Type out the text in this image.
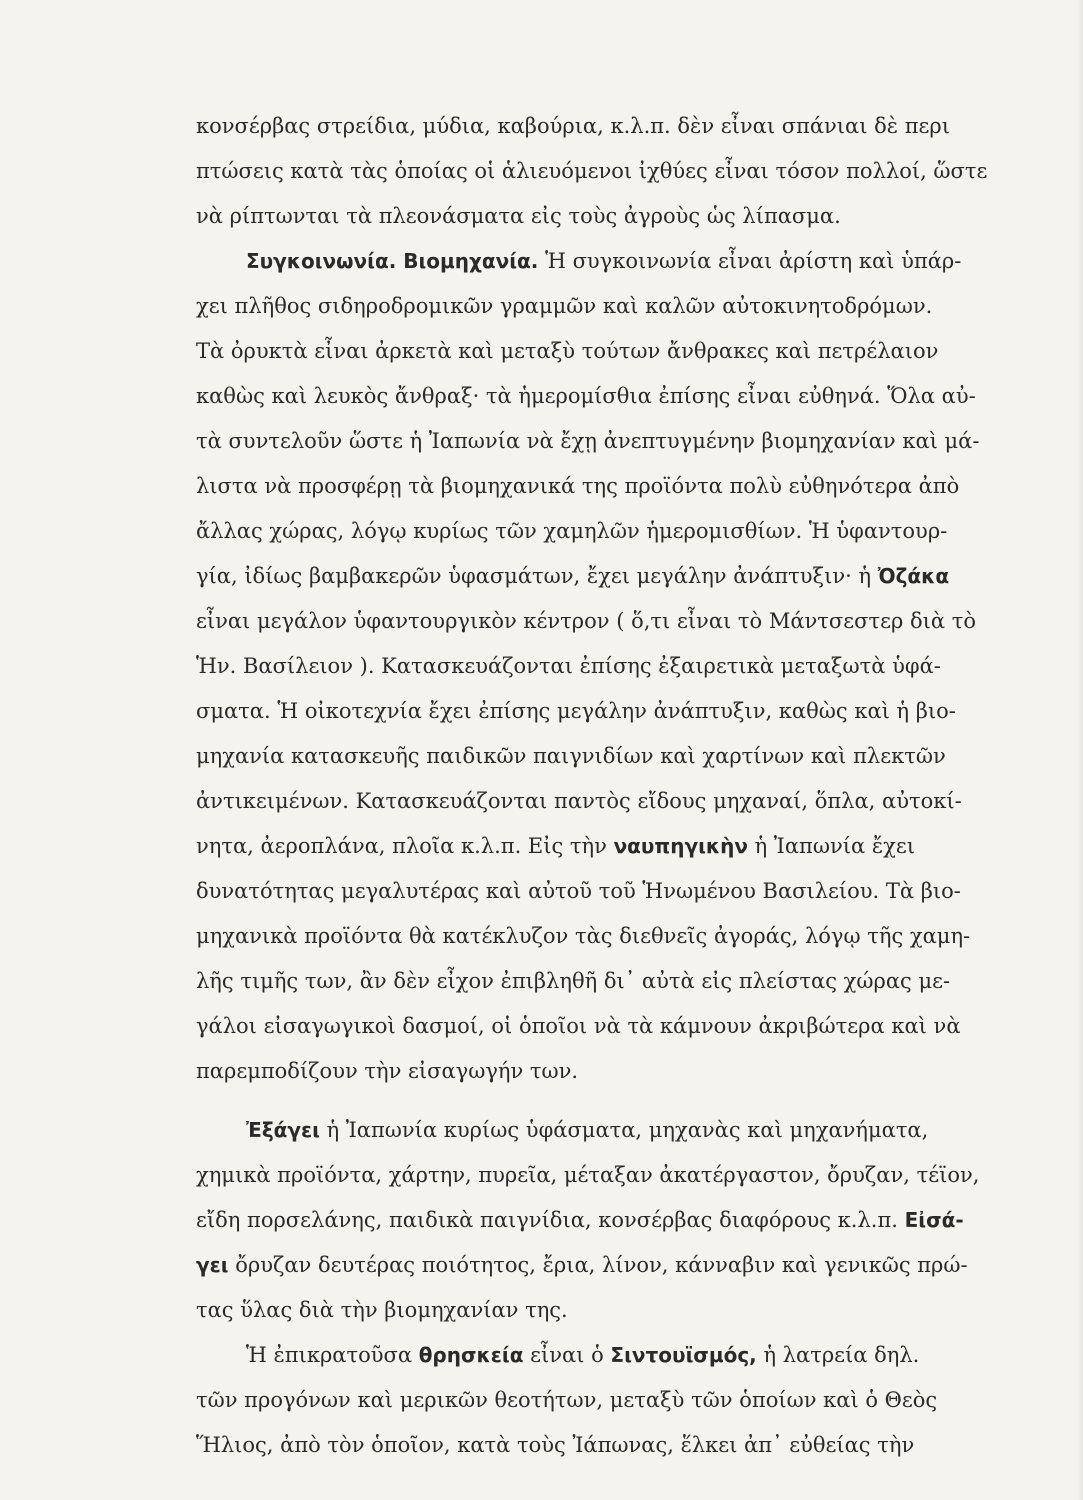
κονσέρβας στρείδια, μύδια, καβούρια, κ.λ.π. δὲν εἶναι σπάνιαι δὲ περι
πτώσεις κατὰ τὰς ὁποίας οἱ ἁλιευόμενοι ἰχθύες εἶναι τόσον πολλοί, ὥστε
νὰ ρίπτωνται τὰ πλεονάσματα εἰς τοὺς ἀγροὺς ὡς λίπασμα.
Συγκοινωνία. Βιομηχανία. Ἡ συγκοινωνία εἶναι ἀρίστη καὶ ὑπάρ-
χει πλῆθος σιδηροδρομικῶν γραμμῶν καὶ καλῶν αὐτοκινητοδρόμων.
Τὰ ὀρυκτὰ εἶναι ἀρκετὰ καὶ μεταξὺ τούτων ἄνθρακες καὶ πετρέλαιον
καθὼς καὶ λευκὸς ἄνθραξ· τὰ ἡμερομίσθια ἐπίσης εἶναι εὐθηνά. Ὅλα αὐ-
τὰ συντελοῦν ὥστε ἡ Ἰαπωνία νὰ ἔχῃ ἀνεπτυγμένην βιομηχανίαν καὶ μά-
λιστα νὰ προσφέρῃ τὰ βιομηχανικά της προϊόντα πολὺ εὐθηνότερα ἀπὸ
ἄλλας χώρας, λόγῳ κυρίως τῶν χαμηλῶν ἡμερομισθίων. Ἡ ὑφαντουρ-
γία, ἰδίως βαμβακερῶν ὑφασμάτων, ἔχει μεγάλην ἀνάπτυξιν· ἡ Ὀζάκα
εἶναι μεγάλον ὑφαντουργικὸν κέντρον ( ὅ,τι εἶναι τὸ Μάντσεστερ διὰ τὸ
Ἡν. Βασίλειον ). Κατασκευάζονται ἐπίσης ἐξαιρετικὰ μεταξωτὰ ὑφά-
σματα. Ἡ οἰκοτεχνία ἔχει ἐπίσης μεγάλην ἀνάπτυξιν, καθὼς καὶ ἡ βιο-
μηχανία κατασκευῆς παιδικῶν παιγνιδίων καὶ χαρτίνων καὶ πλεκτῶν
ἀντικειμένων. Κατασκευάζονται παντὸς εἴδους μηχαναί, ὅπλα, αὐτοκί-
νητα, ἀεροπλάνα, πλοῖα κ.λ.π. Εἰς τὴν ναυπηγικὴν ἡ Ἰαπωνία ἔχει
δυνατότητας μεγαλυτέρας καὶ αὐτοῦ τοῦ Ἡνωμένου Βασιλείου. Τὰ βιο-
μηχανικὰ προϊόντα θὰ κατέκλυζον τὰς διεθνεῖς ἀγοράς, λόγῳ τῆς χαμη-
λῆς τιμῆς των, ἂν δὲν εἶχον ἐπιβληθῆ δι᾽ αὐτὰ εἰς πλείστας χώρας με-
γάλοι εἰσαγωγικοὶ δασμοί, οἱ ὁποῖοι νὰ τὰ κάμνουν ἀκριβώτερα καὶ νὰ
παρεμποδίζουν τὴν εἰσαγωγήν των.
Ἐξάγει ἡ Ἰαπωνία κυρίως ὑφάσματα, μηχανὰς καὶ μηχανήματα,
χημικὰ προϊόντα, χάρτην, πυρεῖα, μέταξαν ἀκατέργαστον, ὄρυζαν, τέϊον,
εἴδη πορσελάνης, παιδικὰ παιγνίδια, κονσέρβας διαφόρους κ.λ.π. Εἰσά-
γει ὄρυζαν δευτέρας ποιότητος, ἔρια, λίνον, κάνναβιν καὶ γενικῶς πρώ-
τας ὕλας διὰ τὴν βιομηχανίαν της.
Ἡ ἐπικρατοῦσα θρησκεία εἶναι ὁ Σιντουϊσμός, ἡ λατρεία δηλ.
τῶν προγόνων καὶ μερικῶν θεοτήτων, μεταξὺ τῶν ὁποίων καὶ ὁ Θεὸς
Ἥλιος, ἀπὸ τὸν ὁποῖον, κατὰ τοὺς Ἰάπωνας, ἕλκει ἀπ᾽ εὐθείας τὴν
